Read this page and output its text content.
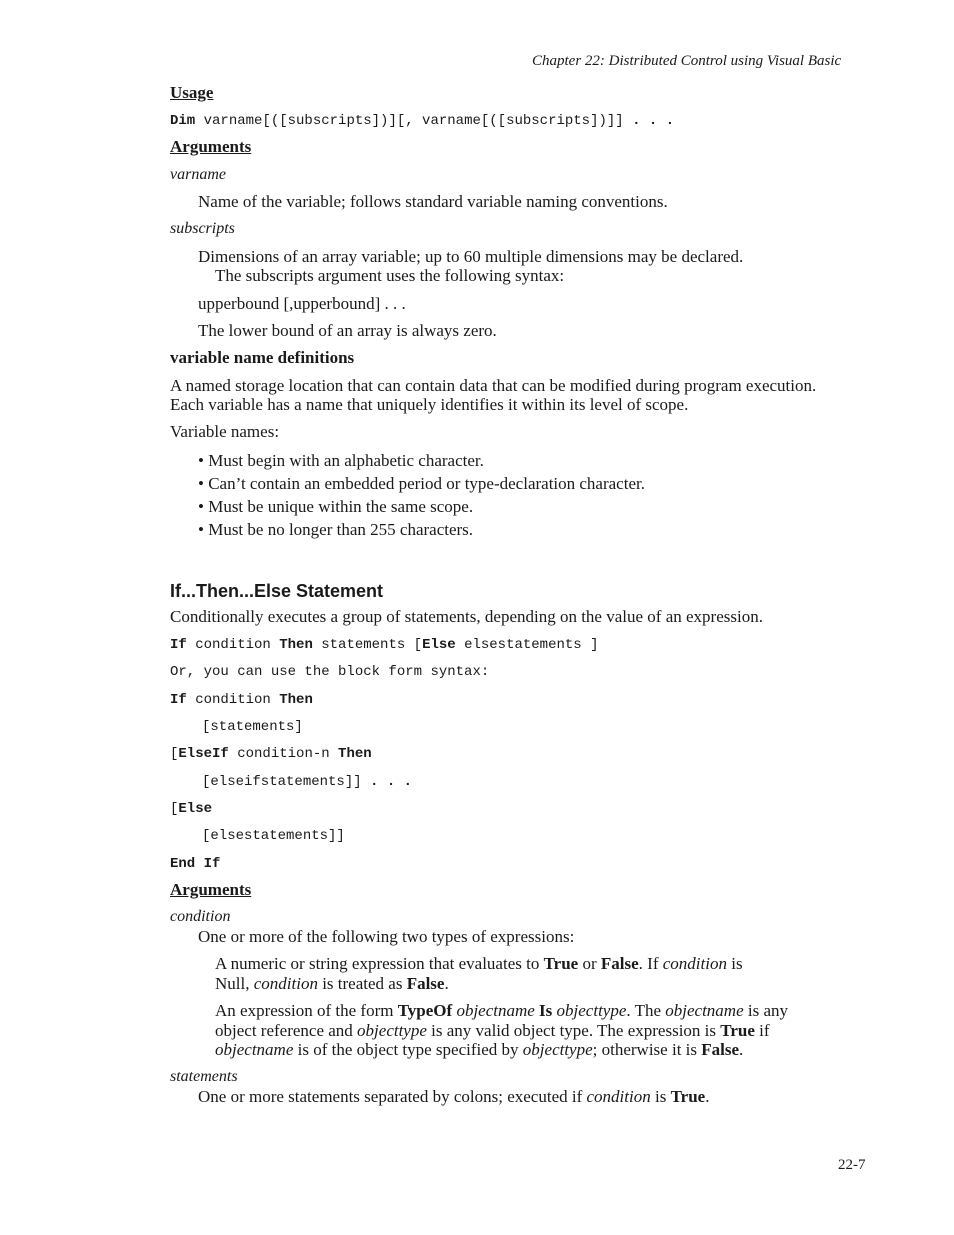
Chapter 22: Distributed Control using Visual Basic
Usage
Dim varname[([subscripts])][, varname[([subscripts])]] . . .
Arguments
varname
Name of the variable; follows standard variable naming conventions.
subscripts
Dimensions of an array variable; up to 60 multiple dimensions may be declared.
The subscripts argument uses the following syntax:
upperbound [,upperbound] . . .
The lower bound of an array is always zero.
variable name definitions
A named storage location that can contain data that can be modified during program execution.
Each variable has a name that uniquely identifies it within its level of scope.
Variable names:
• Must begin with an alphabetic character.
• Can’t contain an embedded period or type-declaration character.
• Must be unique within the same scope.
• Must be no longer than 255 characters.
If...Then...Else Statement
Conditionally executes a group of statements, depending on the value of an expression.
If condition Then statements [Else elsestatements ]
Or, you can use the block form syntax:
If condition Then
[statements]
[ElseIf condition-n Then
[elseifstatements]] . . .
[Else
[elsestatements]]
End If
Arguments
condition
One or more of the following two types of expressions:
A numeric or string expression that evaluates to True or False. If condition is
Null, condition is treated as False.
An expression of the form TypeOf objectname Is objecttype. The objectname is any
object reference and objecttype is any valid object type. The expression is True if
objectname is of the object type specified by objecttype; otherwise it is False.
statements
One or more statements separated by colons; executed if condition is True.
22-7
